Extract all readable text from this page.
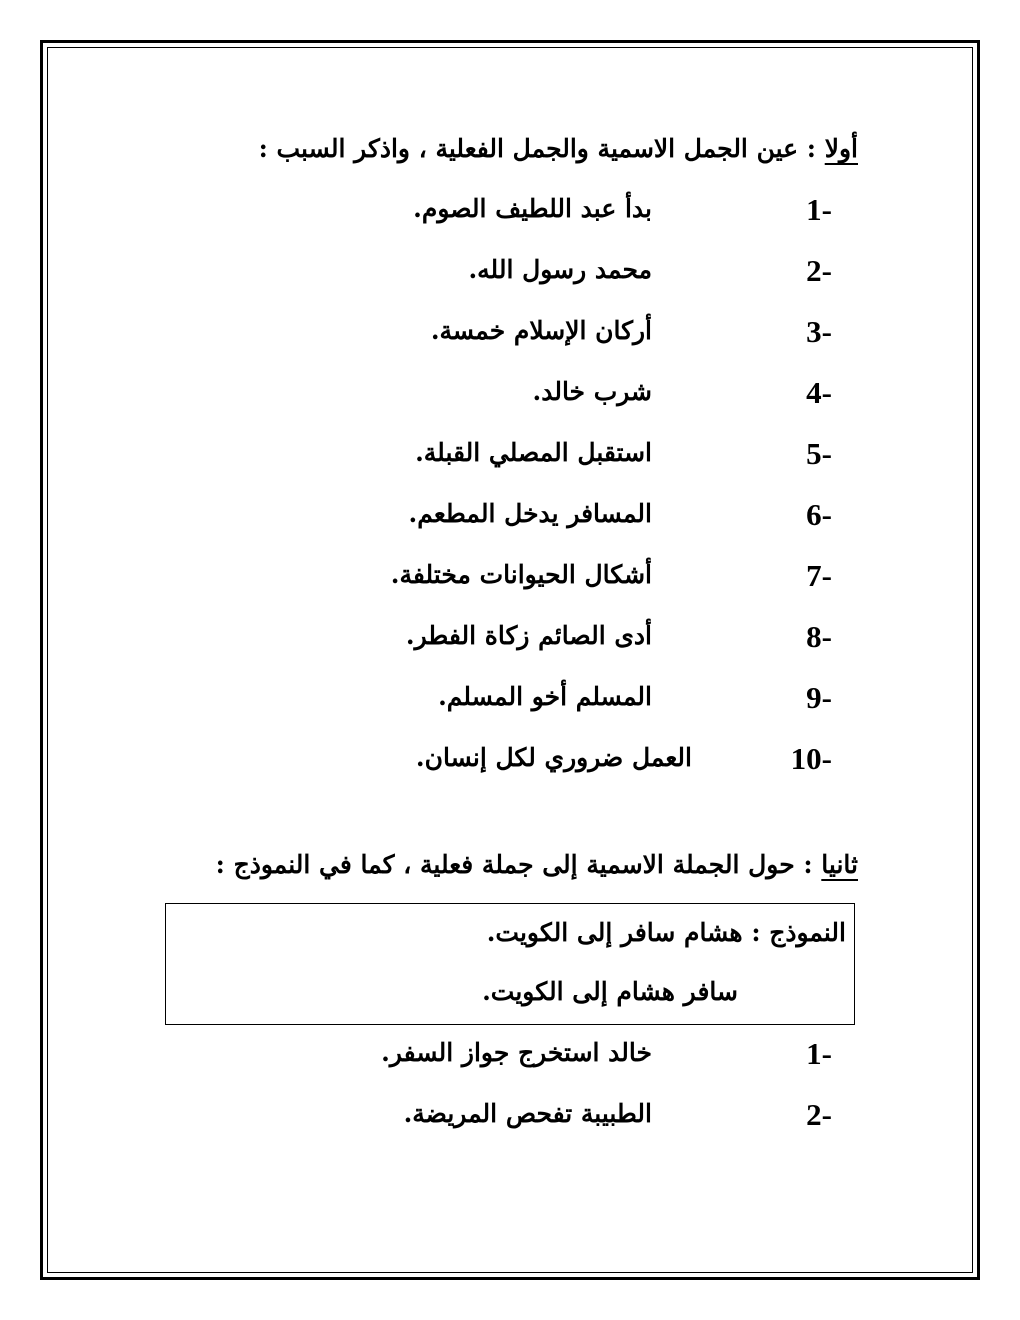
أولا : عين الجمل الاسمية والجمل الفعلية ، واذكر السبب :
1-
بدأ عبد اللطيف الصوم.
2-
محمد رسول الله.
3-
أركان الإسلام خمسة.
4-
شرب خالد.
5-
استقبل المصلي القبلة.
6-
المسافر يدخل المطعم.
7-
أشكال الحيوانات مختلفة.
8-
أدى الصائم زكاة الفطر.
9-
المسلم أخو المسلم.
10-
العمل ضروري لكل إنسان.
ثانيا : حول الجملة الاسمية إلى جملة فعلية ، كما في النموذج :
النموذج : هشام سافر إلى الكويت.
سافر هشام إلى الكويت.
1-
خالد استخرج جواز السفر.
2-
الطبيبة تفحص المريضة.
